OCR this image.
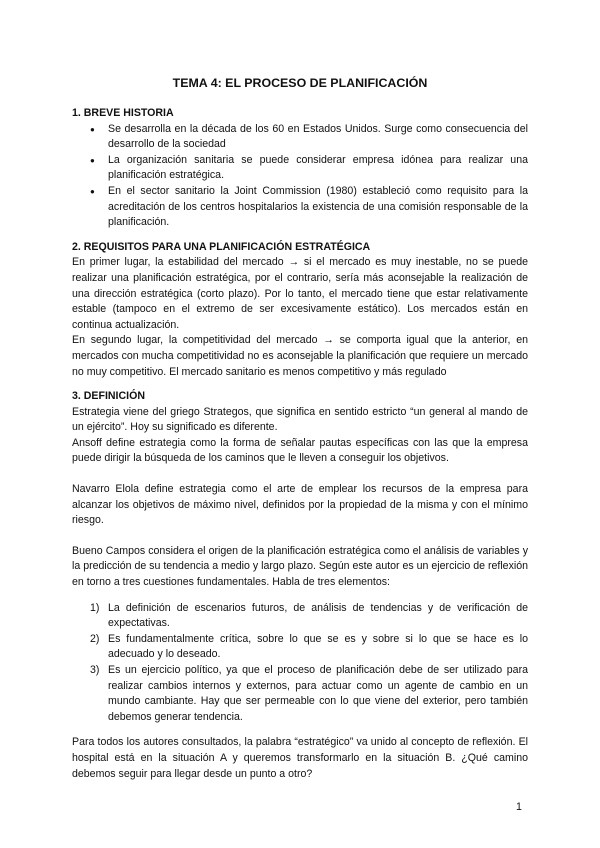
TEMA 4: EL PROCESO DE PLANIFICACIÓN
1. BREVE HISTORIA
● Se desarrolla en la década de los 60 en Estados Unidos. Surge como consecuencia del desarrollo de la sociedad
● La organización sanitaria se puede considerar empresa idónea para realizar una planificación estratégica.
● En el sector sanitario la Joint Commission (1980) estableció como requisito para la acreditación de los centros hospitalarios la existencia de una comisión responsable de la planificación.
2. REQUISITOS PARA UNA PLANIFICACIÓN ESTRATÉGICA

En primer lugar, la estabilidad del mercado → si el mercado es muy inestable, no se puede realizar una planificación estratégica, por el contrario, sería más aconsejable la realización de una dirección estratégica (corto plazo). Por lo tanto, el mercado tiene que estar relativamente estable (tampoco en el extremo de ser excesivamente estático). Los mercados están en continua actualización.

En segundo lugar, la competitividad del mercado → se comporta igual que la anterior, en mercados con mucha competitividad no es aconsejable la planificación que requiere un mercado no muy competitivo. El mercado sanitario es menos competitivo y más regulado

3. DEFINICIÓN

Estrategia viene del griego Strategos, que significa en sentido estricto “un general al mando de un ejército”. Hoy su significado es diferente.

Ansoff define estrategia como la forma de señalar pautas específicas con las que la empresa puede dirigir la búsqueda de los caminos que le lleven a conseguir los objetivos.

Navarro Elola define estrategia como el arte de emplear los recursos de la empresa para alcanzar los objetivos de máximo nivel, definidos por la propiedad de la misma y con el mínimo riesgo.

Bueno Campos considera el origen de la planificación estratégica como el análisis de variables y la predicción de su tendencia a medio y largo plazo. Según este autor es un ejercicio de reflexión en torno a tres cuestiones fundamentales. Habla de tres elementos:

1) La definición de escenarios futuros, de análisis de tendencias y de verificación de expectativas.
2) Es fundamentalmente crítica, sobre lo que se es y sobre si lo que se hace es lo adecuado y lo deseado.
3) Es un ejercicio político, ya que el proceso de planificación debe de ser utilizado para realizar cambios internos y externos, para actuar como un agente de cambio en un mundo cambiante. Hay que ser permeable con lo que viene del exterior, pero también debemos generar tendencia.

Para todos los autores consultados, la palabra “estratégico” va unido al concepto de reflexión. El hospital está en la situación A y queremos transformarlo en la situación B. ¿Qué camino debemos seguir para llegar desde un punto a otro?

1
